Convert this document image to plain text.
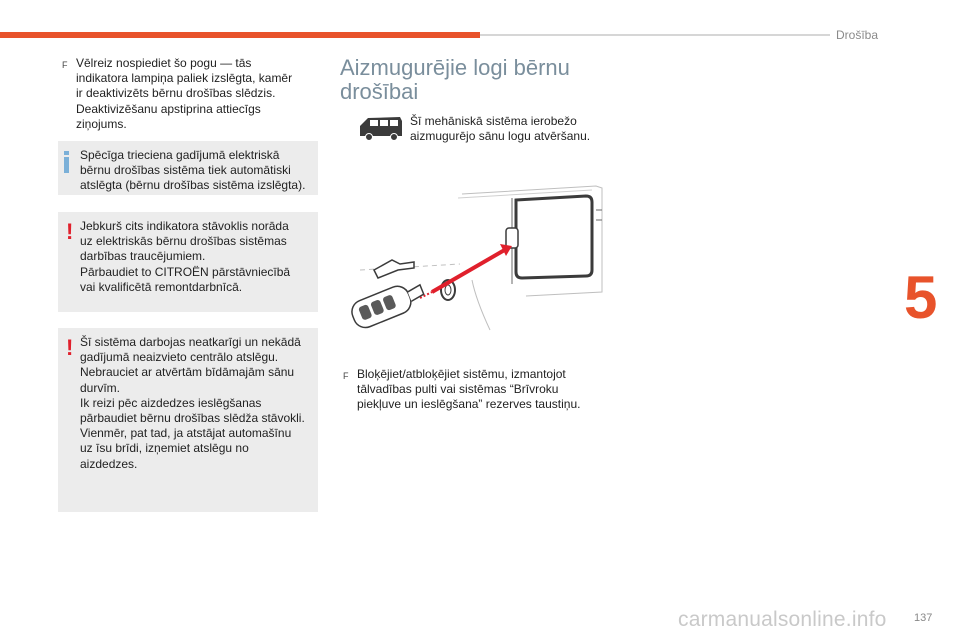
Drošība
F Vēlreiz nospiediet šo pogu — tās
indikatora lampiņa paliek izslēgta, kamēr
ir deaktivizēts bērnu drošības slēdzis.
Deaktivizēšanu apstiprina attiecīgs
ziņojums.

Spēcīga trieciena gadījumā elektriskā
bērnu drošības sistēma tiek automātiski
atslēgta (bērnu drošības sistēma izslēgta).

! Jebkurš cits indikatora stāvoklis norāda
uz elektriskās bērnu drošības sistēmas
darbības traucējumiem.
Pārbaudiet to CITROËN pārstāvniecībā
vai kvalificētā remontdarbnīcā.

! Šī sistēma darbojas neatkarīgi un nekādā
gadījumā neaizvieto centrālo atslēgu.
Nebrauciet ar atvērtām bīdāmajām sānu
durvīm.
Ik reizi pēc aizdedzes ieslēgšanas
pārbaudiet bērnu drošības slēdža stāvokli.
Vienmēr, pat tad, ja atstājat automašīnu
uz īsu brīdi, izņemiet atslēgu no
aizdedzes.

Aizmugurējie logi bērnu
drošībai

Šī mehāniskā sistēma ierobežo
aizmugurējo sānu logu atvēršanu.

F Bloķējiet/atbloķējiet sistēmu, izmantojot
tālvadības pulti vai sistēmas “Brīvroku
piekļuve un ieslēgšana” rezerves taustiņu.

5
carmanualsonline.info	137
